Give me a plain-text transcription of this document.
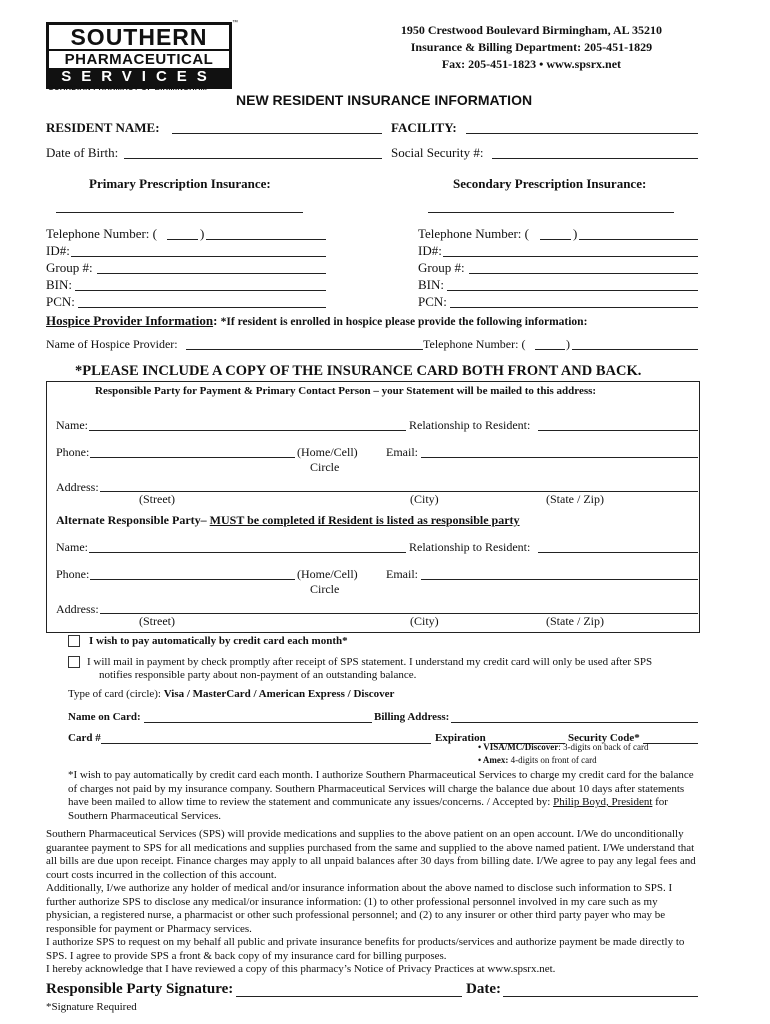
SOUTHERN
PHARMACEUTICAL
SERVICES
™
GUARDIAN PHARMACY OF BIRMINGHAM
1950 Crestwood Boulevard Birmingham, AL 35210
Insurance & Billing Department: 205-451-1829
Fax: 205-451-1823 • www.spsrx.net
NEW RESIDENT INSURANCE INFORMATION
RESIDENT NAME:	FACILITY:
Date of Birth:	Social Security #:
Primary Prescription Insurance:	Secondary Prescription Insurance:
Telephone Number: (	)
ID#:
Group #:
BIN:
PCN:
Telephone Number: (	)
ID#:
Group #:
BIN:
PCN:
Hospice Provider Information: *If resident is enrolled in hospice please provide the following information:
Name of Hospice Provider:	Telephone Number: (	)
*PLEASE INCLUDE A COPY OF THE INSURANCE CARD BOTH FRONT AND BACK.
Responsible Party for Payment & Primary Contact Person – your Statement will be mailed to this address:
Name:	Relationship to Resident:
Phone:	(Home/Cell)
Circle
Email:
Address:
(Street)	(City)	(State / Zip)
Alternate Responsible Party– MUST be completed if Resident is listed as responsible party
Name:	Relationship to Resident:
Phone:	(Home/Cell)
Circle
Email:
Address:
(Street)	(City)	(State / Zip)
I wish to pay automatically by credit card each month*
I will mail in payment by check promptly after receipt of SPS statement. I understand my credit card will only be used after SPS
notifies responsible party about non-payment of an outstanding balance.
Type of card (circle): Visa / MasterCard / American Express / Discover
Name on Card:	Billing Address:
Card #	Expiration	Security Code*
• VISA/MC/Discover: 3-digits on back of card
• Amex: 4-digits on front of card
*I wish to pay automatically by credit card each month. I authorize Southern Pharmaceutical Services to charge my credit card for the balance of charges not paid by my insurance company. Southern Pharmaceutical Services will charge the balance due about 10 days after statements have been mailed to allow time to review the statement and communicate any issues/concerns. / Accepted by: Philip Boyd, President for Southern Pharmaceutical Services.
Southern Pharmaceutical Services (SPS) will provide medications and supplies to the above patient on an open account. I/We do unconditionally guarantee payment to SPS for all medications and supplies purchased from the same and supplied to the above named patient. I/We understand that all bills are due upon receipt. Finance charges may apply to all unpaid balances after 30 days from billing date. I/We agree to pay any legal fees and court costs incurred in the collection of this account.
Additionally, I/we authorize any holder of medical and/or insurance information about the above named to disclose such information to SPS. I further authorize SPS to disclose any medical/or insurance information: (1) to other professional personnel involved in my care such as my physician, a registered nurse, a pharmacist or other such professional personnel; and (2) to any insurer or other third party payer who may be responsible for payment or Pharmacy services.
I authorize SPS to request on my behalf all public and private insurance benefits for products/services and authorize payment be made directly to SPS. I agree to provide SPS a front & back copy of my insurance card for billing purposes.
I hereby acknowledge that I have reviewed a copy of this pharmacy’s Notice of Privacy Practices at www.spsrx.net.
Responsible Party Signature:	Date:
*Signature Required
